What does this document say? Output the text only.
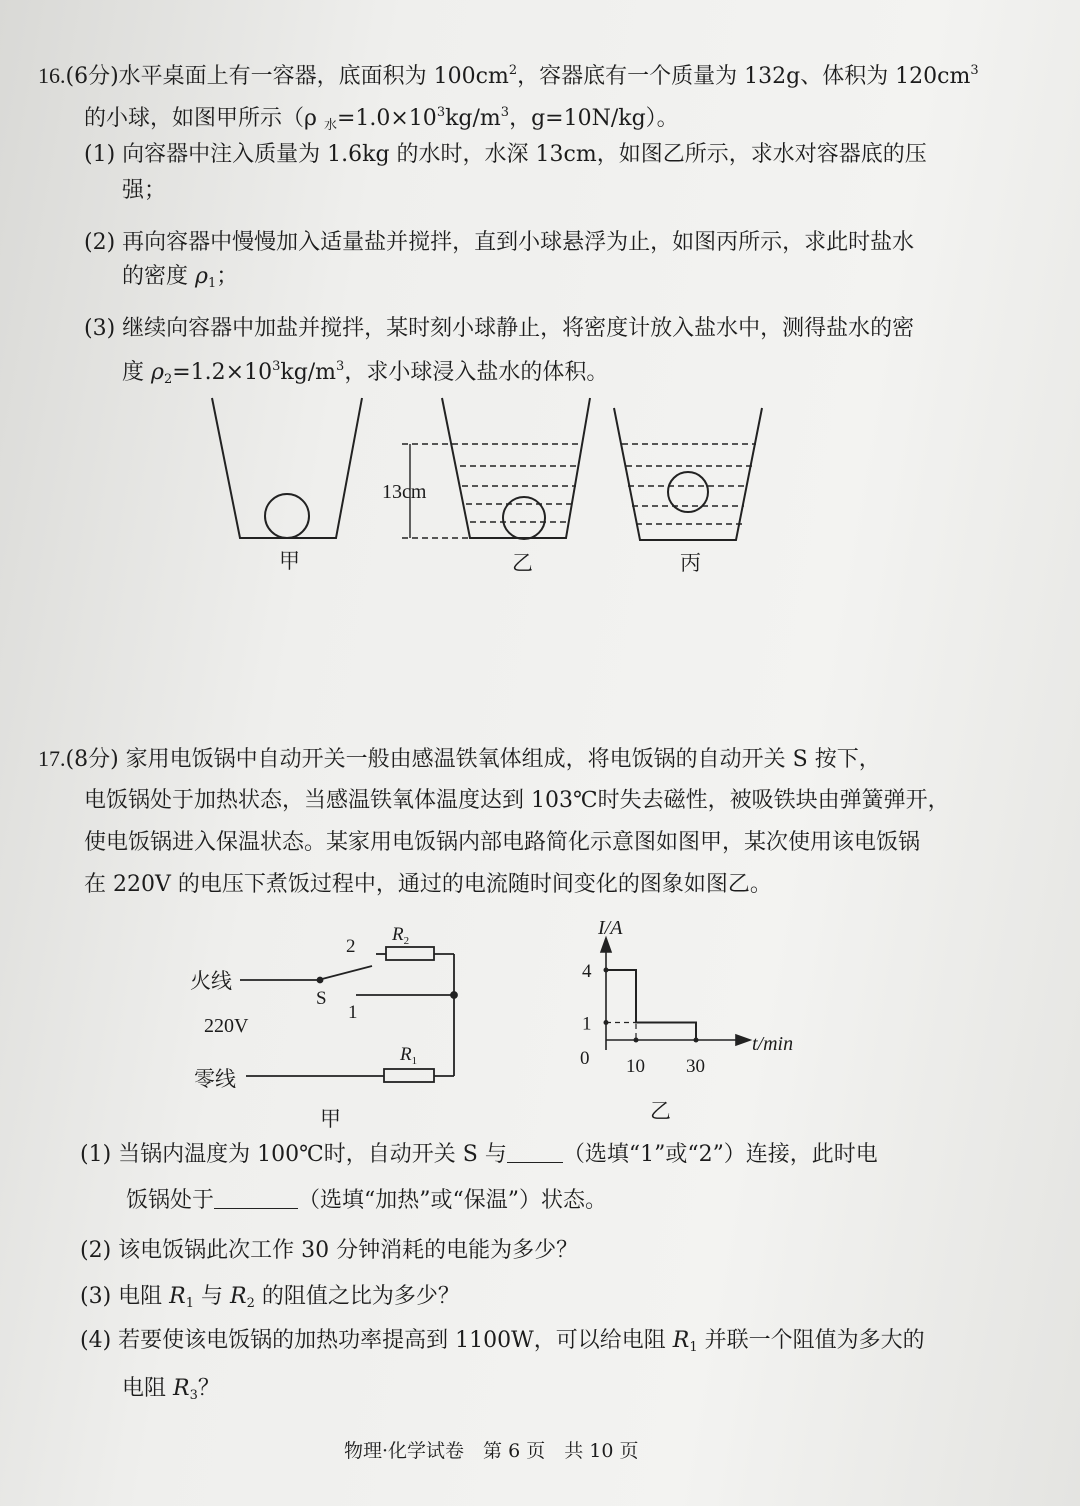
16.(6分)水平桌面上有一容器，底面积为 $100cm^2$，容器底有一个质量为 132g、体积为 $120cm^3$
的小球，如图甲所示（ρ $_水=1.0\times 10^3kg/m^3$，g=10N/kg）。
(1) 向容器中注入质量为 1.6kg 的水时，水深 13cm，如图乙所示，求水对容器底的压
强；
(2) 再向容器中慢慢加入适量盐并搅拌，直到小球悬浮为止，如图丙所示，求此时盐水
的密度 $\rho_1$；
(3) 继续向容器中加盐并搅拌，某时刻小球静止，将密度计放入盐水中，测得盐水的密
度 $\rho_2=1.2\times 10^3kg/m^3$，求小球浸入盐水的体积。
13cm
甲	乙	丙
17.(8分) 家用电饭锅中自动开关一般由感温铁氧体组成，将电饭锅的自动开关 S 按下，
电饭锅处于加热状态，当感温铁氧体温度达到 103℃时失去磁性，被吸铁块由弹簧弹开，
使电饭锅进入保温状态。某家用电饭锅内部电路简化示意图如图甲，某次使用该电饭锅
在 220V 的电压下煮饭过程中，通过的电流随时间变化的图象如图乙。
火线
220V
零线
S
1
2
$R_2$
$R_1$
甲
I/A
t/min
0
4
1
10 30
乙
(1) 当锅内温度为 100℃时，自动开关 S 与	（选填“1”或“2”）连接，此时电
饭锅处于	（选填“加热”或“保温”）状态。
(2) 该电饭锅此次工作 30 分钟消耗的电能为多少？
(3) 电阻 $R_1$ 与 $R_2$ 的阻值之比为多少？
(4) 若要使该电饭锅的加热功率提高到 1100W，可以给电阻 $R_1$ 并联一个阻值为多大的
电阻 $R_3$？
物理·化学试卷　第 6 页　共 10 页
